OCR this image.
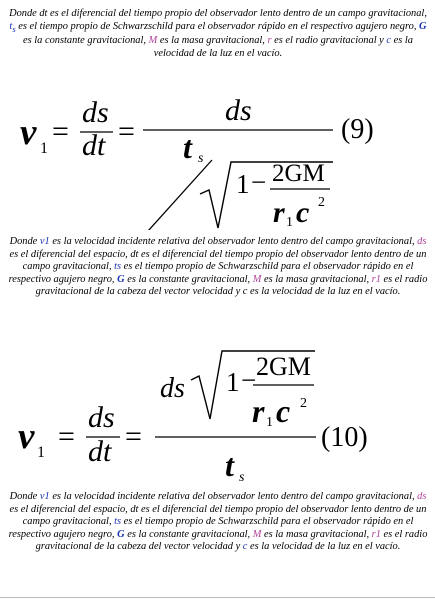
Donde dt es el diferencial del tiempo propio del observador lento dentro de un campo gravitacional, $t_s$ es el tiempo propio de Schwarzschild para el observador rápido en el respectivo agujero negro, G es la constante gravitacional, M es la masa gravitacional, r es el radio gravitacional y c es la velocidad de la luz en el vacío.
v 1
=
ds
dt =
ds
(9)
t s
1 − 2GM
r 1 c 2
Donde v1 es la velocidad incidente relativa del observador lento dentro del campo gravitacional, ds es el diferencial del espacio, dt es el diferencial del tiempo propio del observador lento dentro de un campo gravitacional, ts es el tiempo propio de Schwarzschild para el observador rápido en el respectivo agujero negro, G es la constante gravitacional, M es la masa gravitacional, r1 es el radio gravitacional de la cabeza del vector velocidad y c es la velocidad de la luz en el vacío.
v 1 =
ds
dt =
ds 1 − 2GM
r 1 c 2
(10)
t s
Donde v1 es la velocidad incidente relativa del observador lento dentro del campo gravitacional, ds es el diferencial del espacio, dt es el diferencial del tiempo propio del observador lento dentro de un campo gravitacional, ts es el tiempo propio de Schwarzschild para el observador rápido en el respectivo agujero negro, G es la constante gravitacional, M es la masa gravitacional, r1 es el radio gravitacional de la cabeza del vector velocidad y c es la velocidad de la luz en el vacío.
